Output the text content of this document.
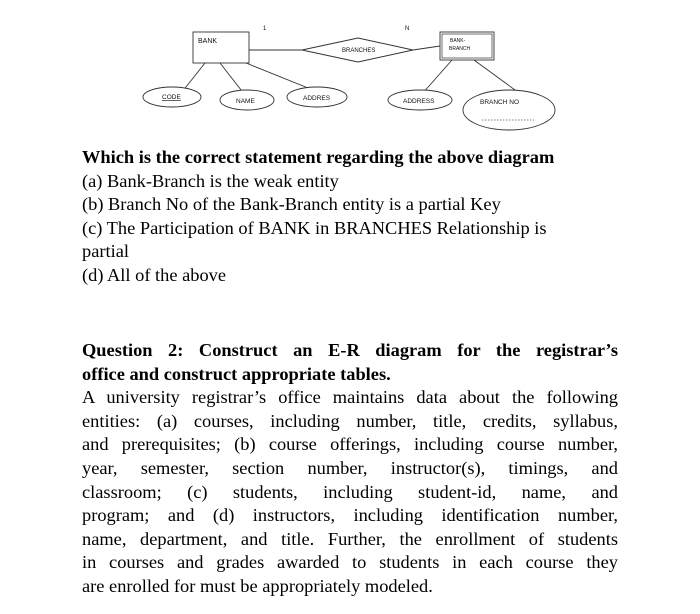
BANK
BRANCHES
BANK-
BRANCH
1	N
CODE
NAME	ADDRES	ADDRESS	BRANCH NO
Which is the correct statement regarding the above diagram
(a) Bank-Branch is the weak entity
(b) Branch No of the Bank-Branch entity is a partial Key
(c) The Participation of BANK in BRANCHES Relationship is
partial
(d) All of the above
Question 2: Construct an E-R diagram for the registrar’s
office and construct appropriate tables.
A university registrar’s office maintains data about the following
entities: (a) courses, including number, title, credits, syllabus,
and prerequisites; (b) course offerings, including course number,
year, semester, section number, instructor(s), timings, and
classroom; (c) students, including student-id, name, and
program; and (d) instructors, including identification number,
name, department, and title. Further, the enrollment of students
in courses and grades awarded to students in each course they
are enrolled for must be appropriately modeled.
